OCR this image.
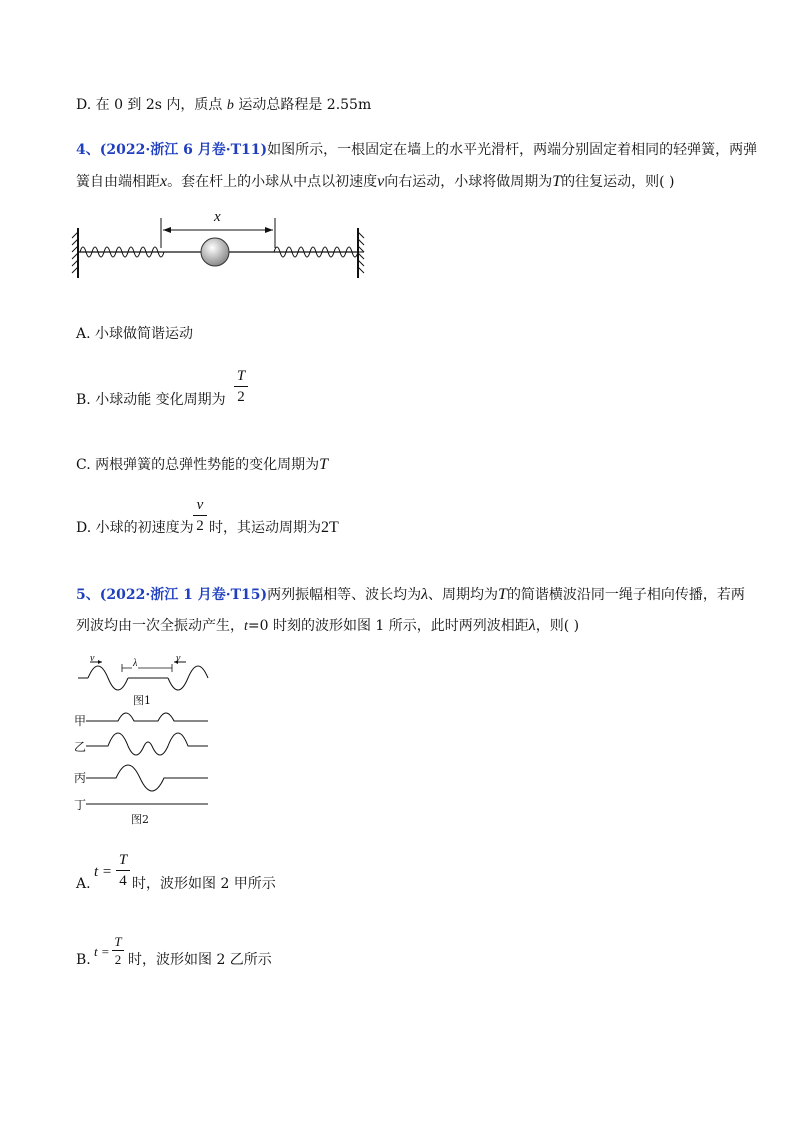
D. 在 0 到 2s 内，质点 b 运动总路程是 2.55m
4、(2022·浙江 6 月卷·T11)如图所示，一根固定在墙上的水平光滑杆，两端分别固定着相同的轻弹簧，两弹
簧自由端相距x。套在杆上的小球从中点以初速度v向右运动，小球将做周期为T的往复运动，则( )
x
A. 小球做简谐运动
B. 小球动能 变化周期为
T
2
C. 两根弹簧的总弹性势能的变化周期为T
D. 小球的初速度为
v
2 时，其运动周期为2T
5、(2022·浙江 1 月卷·T15)两列振幅相等、波长均为λ、周期均为T的简谐横波沿同一绳子相向传播，若两
列波均由一次全振动产生，t=0 时刻的波形如图 1 所示，此时两列波相距λ，则( )
v	v
λ
图1
甲
乙
丙
丁
图2
A.
t =
T
4 时，波形如图 2 甲所示
B.
t =
T
2 时，波形如图 2 乙所示
